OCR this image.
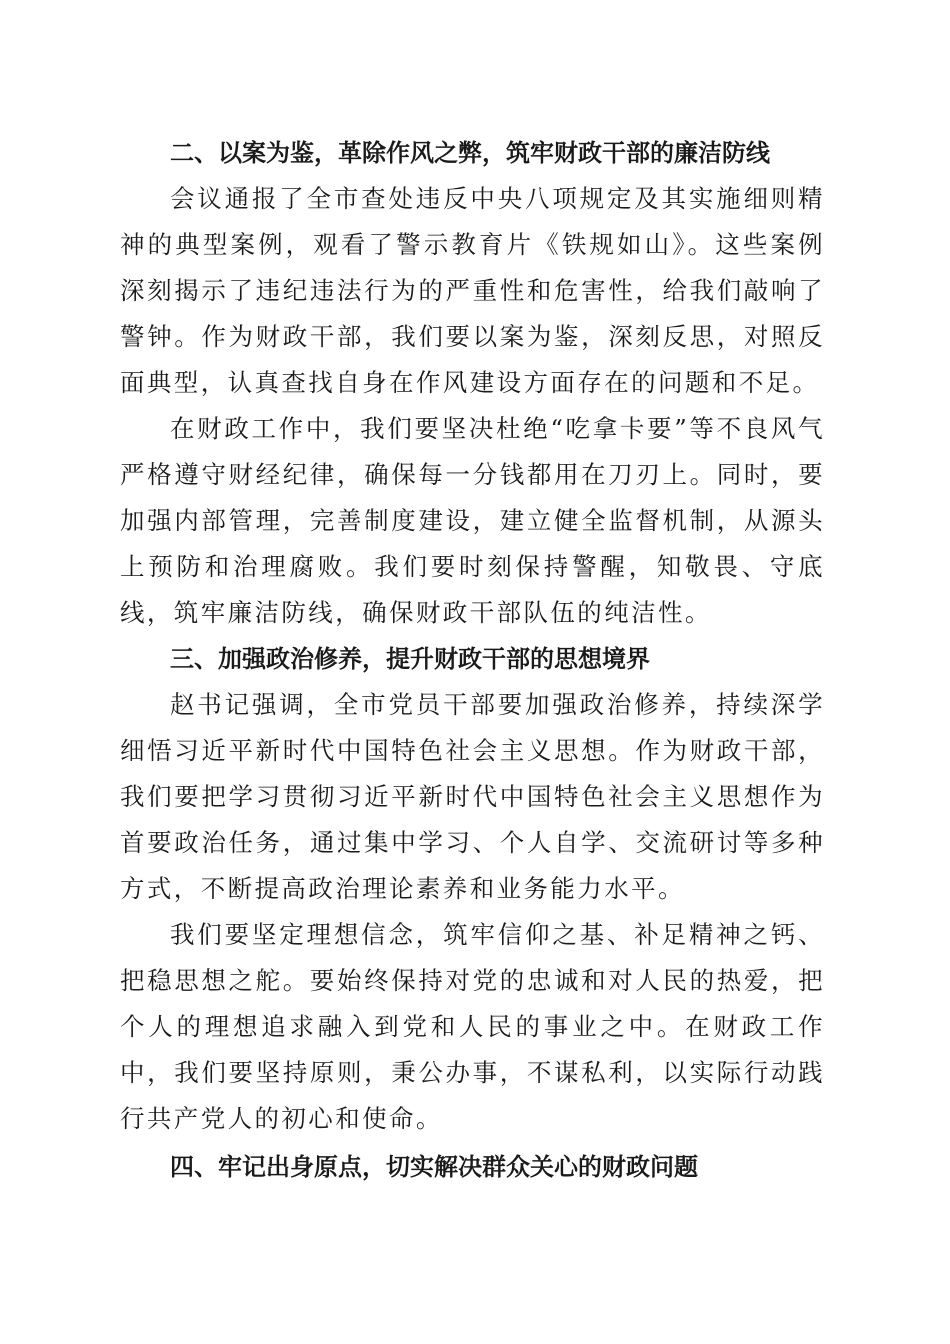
二、以案为鉴，革除作风之弊，筑牢财政干部的廉洁防线

会议通报了全市查处违反中央八项规定及其实施细则精神的典型案例，观看了警示教育片《铁规如山》。这些案例深刻揭示了违纪违法行为的严重性和危害性，给我们敲响了警钟。作为财政干部，我们要以案为鉴，深刻反思，对照反面典型，认真查找自身在作风建设方面存在的问题和不足。

在财政工作中，我们要坚决杜绝“吃拿卡要”等不良风气严格遵守财经纪律，确保每一分钱都用在刀刃上。同时，要加强内部管理，完善制度建设，建立健全监督机制，从源头上预防和治理腐败。我们要时刻保持警醒，知敬畏、守底线，筑牢廉洁防线，确保财政干部队伍的纯洁性。

三、加强政治修养，提升财政干部的思想境界

赵书记强调，全市党员干部要加强政治修养，持续深学细悟习近平新时代中国特色社会主义思想。作为财政干部，我们要把学习贯彻习近平新时代中国特色社会主义思想作为首要政治任务，通过集中学习、个人自学、交流研讨等多种方式，不断提高政治理论素养和业务能力水平。

我们要坚定理想信念，筑牢信仰之基、补足精神之钙、把稳思想之舵。要始终保持对党的忠诚和对人民的热爱，把个人的理想追求融入到党和人民的事业之中。在财政工作中，我们要坚持原则，秉公办事，不谋私利，以实际行动践行共产党人的初心和使命。

四、牢记出身原点，切实解决群众关心的财政问题
